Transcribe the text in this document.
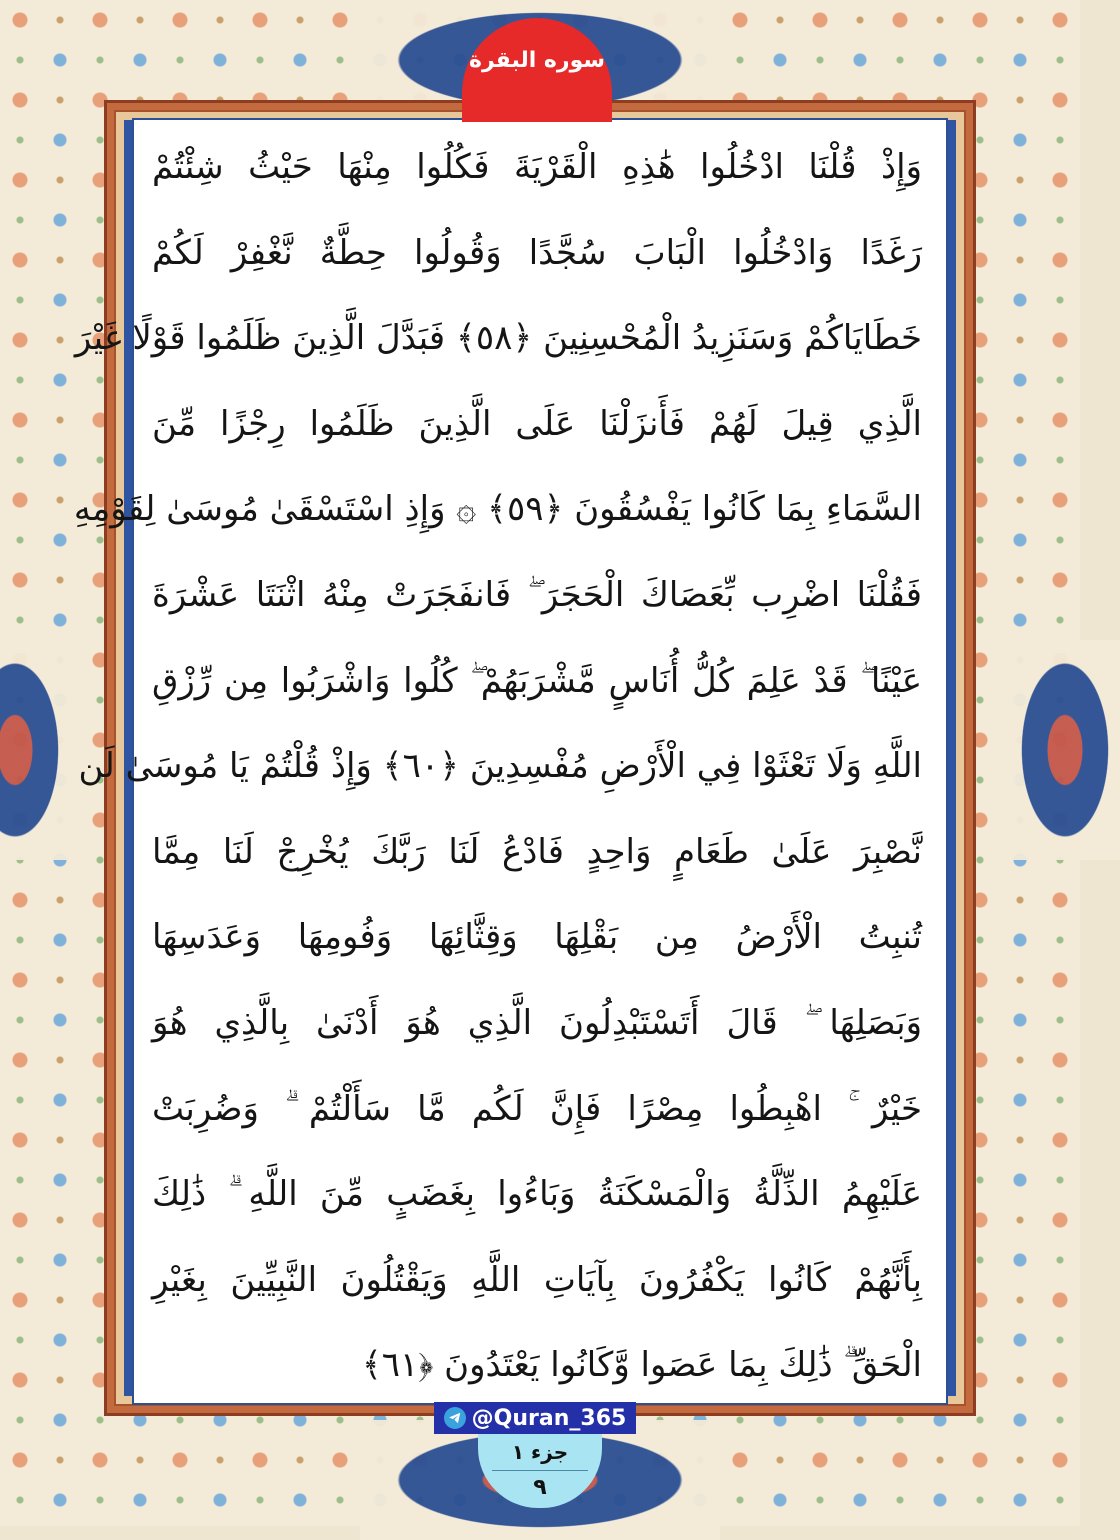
سوره البقرة
وَإِذْ قُلْنَا ادْخُلُوا هَٰذِهِ الْقَرْيَةَ فَكُلُوا مِنْهَا حَيْثُ شِئْتُمْ
رَغَدًا وَادْخُلُوا الْبَابَ سُجَّدًا وَقُولُوا حِطَّةٌ نَّغْفِرْ لَكُمْ
خَطَايَاكُمْ وَسَنَزِيدُ الْمُحْسِنِينَ ﴿٥٨﴾ فَبَدَّلَ الَّذِينَ ظَلَمُوا قَوْلًا غَيْرَ
الَّذِي قِيلَ لَهُمْ فَأَنزَلْنَا عَلَى الَّذِينَ ظَلَمُوا رِجْزًا مِّنَ
السَّمَاءِ بِمَا كَانُوا يَفْسُقُونَ ﴿٥٩﴾ ۞ وَإِذِ اسْتَسْقَىٰ مُوسَىٰ لِقَوْمِهِ
فَقُلْنَا اضْرِب بِّعَصَاكَ الْحَجَرَ ۖ فَانفَجَرَتْ مِنْهُ اثْنَتَا عَشْرَةَ
عَيْنًا ۖ قَدْ عَلِمَ كُلُّ أُنَاسٍ مَّشْرَبَهُمْ ۖ كُلُوا وَاشْرَبُوا مِن رِّزْقِ
اللَّهِ وَلَا تَعْثَوْا فِي الْأَرْضِ مُفْسِدِينَ ﴿٦٠﴾ وَإِذْ قُلْتُمْ يَا مُوسَىٰ لَن
نَّصْبِرَ عَلَىٰ طَعَامٍ وَاحِدٍ فَادْعُ لَنَا رَبَّكَ يُخْرِجْ لَنَا مِمَّا
تُنبِتُ الْأَرْضُ مِن بَقْلِهَا وَقِثَّائِهَا وَفُومِهَا وَعَدَسِهَا
وَبَصَلِهَا ۖ قَالَ أَتَسْتَبْدِلُونَ الَّذِي هُوَ أَدْنَىٰ بِالَّذِي هُوَ
خَيْرٌ ۚ اهْبِطُوا مِصْرًا فَإِنَّ لَكُم مَّا سَأَلْتُمْ ۗ وَضُرِبَتْ
عَلَيْهِمُ الذِّلَّةُ وَالْمَسْكَنَةُ وَبَاءُوا بِغَضَبٍ مِّنَ اللَّهِ ۗ ذَٰلِكَ
بِأَنَّهُمْ كَانُوا يَكْفُرُونَ بِآيَاتِ اللَّهِ وَيَقْتُلُونَ النَّبِيِّينَ بِغَيْرِ
الْحَقِّ ۗ ذَٰلِكَ بِمَا عَصَوا وَّكَانُوا يَعْتَدُونَ ﴿٦١﴾
@Quran_365
جزء ١
٩
